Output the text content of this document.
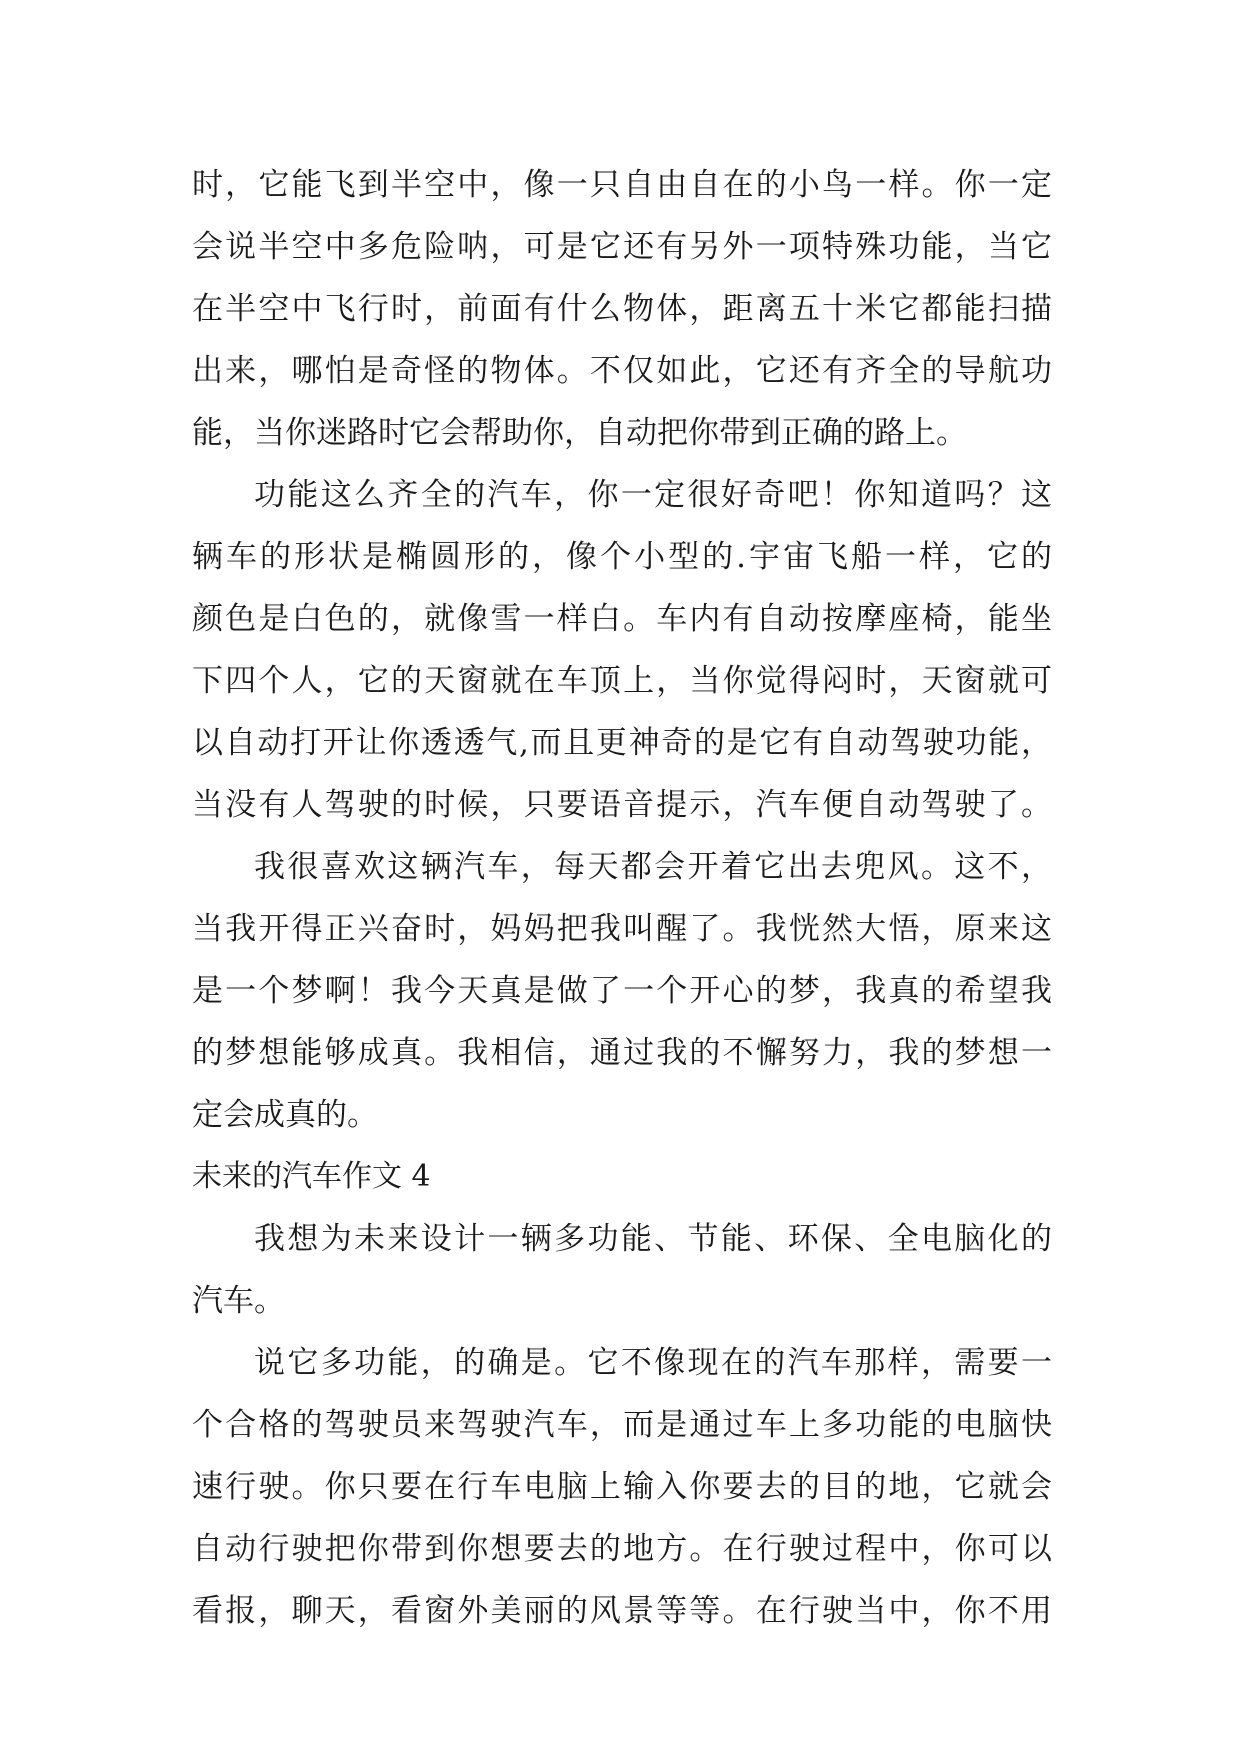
时，它能飞到半空中，像一只自由自在的小鸟一样。你一定
会说半空中多危险呐，可是它还有另外一项特殊功能，当它
在半空中飞行时，前面有什么物体，距离五十米它都能扫描
出来，哪怕是奇怪的物体。不仅如此，它还有齐全的导航功
能，当你迷路时它会帮助你，自动把你带到正确的路上。
功能这么齐全的汽车，你一定很好奇吧！你知道吗？这
辆车的形状是椭圆形的，像个小型的.宇宙飞船一样，它的
颜色是白色的，就像雪一样白。车内有自动按摩座椅，能坐
下四个人，它的天窗就在车顶上，当你觉得闷时，天窗就可
以自动打开让你透透气,而且更神奇的是它有自动驾驶功能，
当没有人驾驶的时候，只要语音提示，汽车便自动驾驶了。
我很喜欢这辆汽车，每天都会开着它出去兜风。这不，
当我开得正兴奋时，妈妈把我叫醒了。我恍然大悟，原来这
是一个梦啊！我今天真是做了一个开心的梦，我真的希望我
的梦想能够成真。我相信，通过我的不懈努力，我的梦想一
定会成真的。
未来的汽车作文 4
我想为未来设计一辆多功能、节能、环保、全电脑化的
汽车。
说它多功能，的确是。它不像现在的汽车那样，需要一
个合格的驾驶员来驾驶汽车，而是通过车上多功能的电脑快
速行驶。你只要在行车电脑上输入你要去的目的地，它就会
自动行驶把你带到你想要去的地方。在行驶过程中，你可以
看报，聊天，看窗外美丽的风景等等。在行驶当中，你不用
